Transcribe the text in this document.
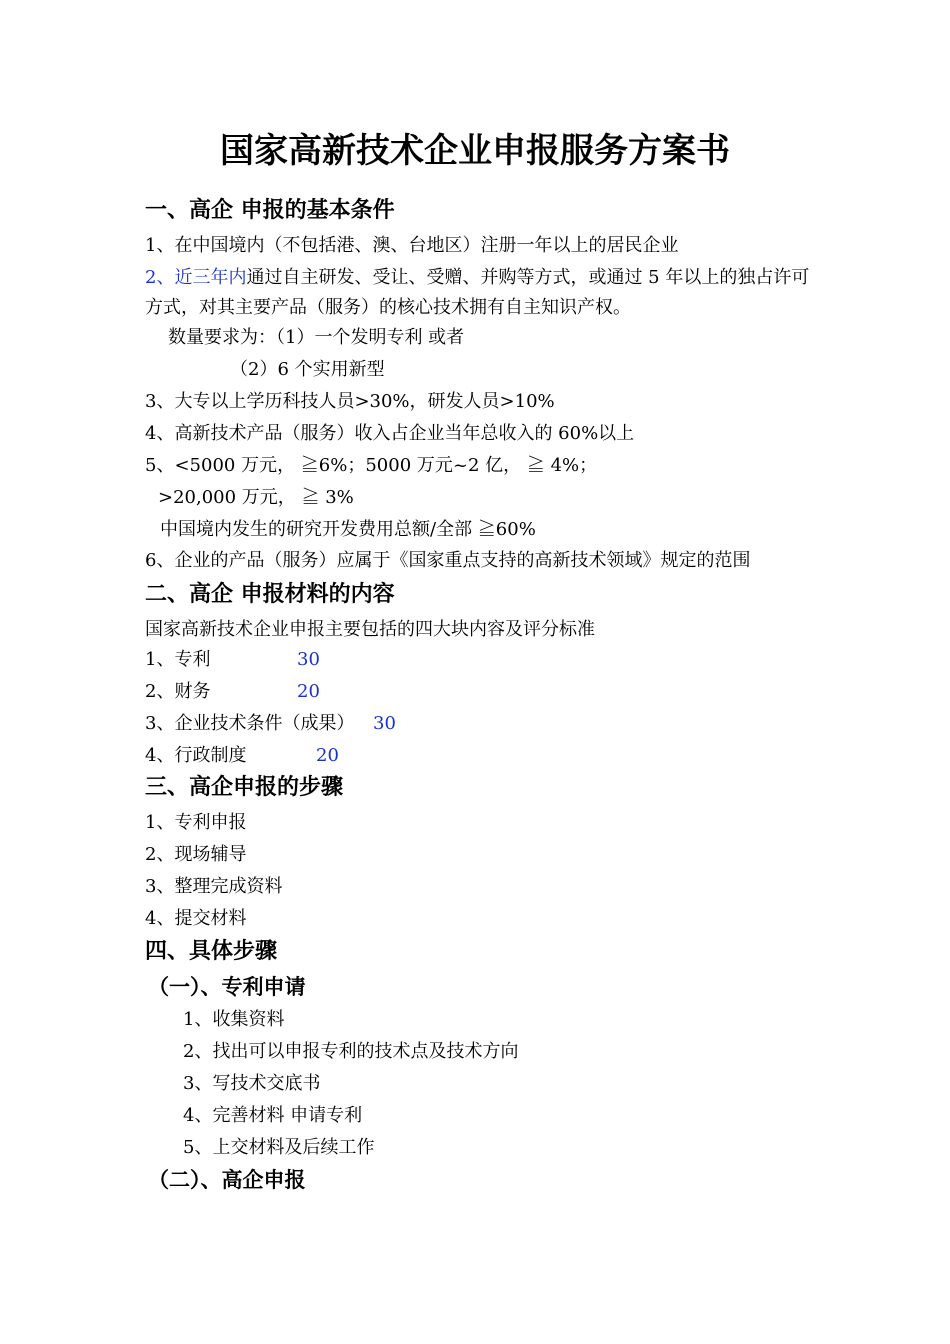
国家高新技术企业申报服务方案书
一、高企 申报的基本条件

1、在中国境内（不包括港、澳、台地区）注册一年以上的居民企业

2、近三年内通过自主研发、受让、受赠、并购等方式，或通过 5 年以上的独占许可

方式，对其主要产品（服务）的核心技术拥有自主知识产权。

数量要求为：（1）一个发明专利 或者

（2）6 个实用新型

3、大专以上学历科技人员>30%，研发人员>10%

4、高新技术产品（服务）收入占企业当年总收入的 60%以上

5、<5000 万元， ≧6%；5000 万元~2 亿， ≧ 4%；

>20,000 万元， ≧ 3%

中国境内发生的研究开发费用总额/全部 ≧60%

6、企业的产品（服务）应属于《国家重点支持的高新技术领域》规定的范围

二、高企 申报材料的内容

国家高新技术企业申报主要包括的四大块内容及评分标准

1、专利	30

2、财务	20

3、企业技术条件（成果） 30

4、行政制度	20
三、高企申报的步骤

1、专利申报

2、现场辅导

3、整理完成资料

4、提交材料

四、具体步骤
（一）、专利申请

1、收集资料

2、找出可以申报专利的技术点及技术方向

3、写技术交底书

4、完善材料 申请专利

5、上交材料及后续工作

（二）、高企申报
